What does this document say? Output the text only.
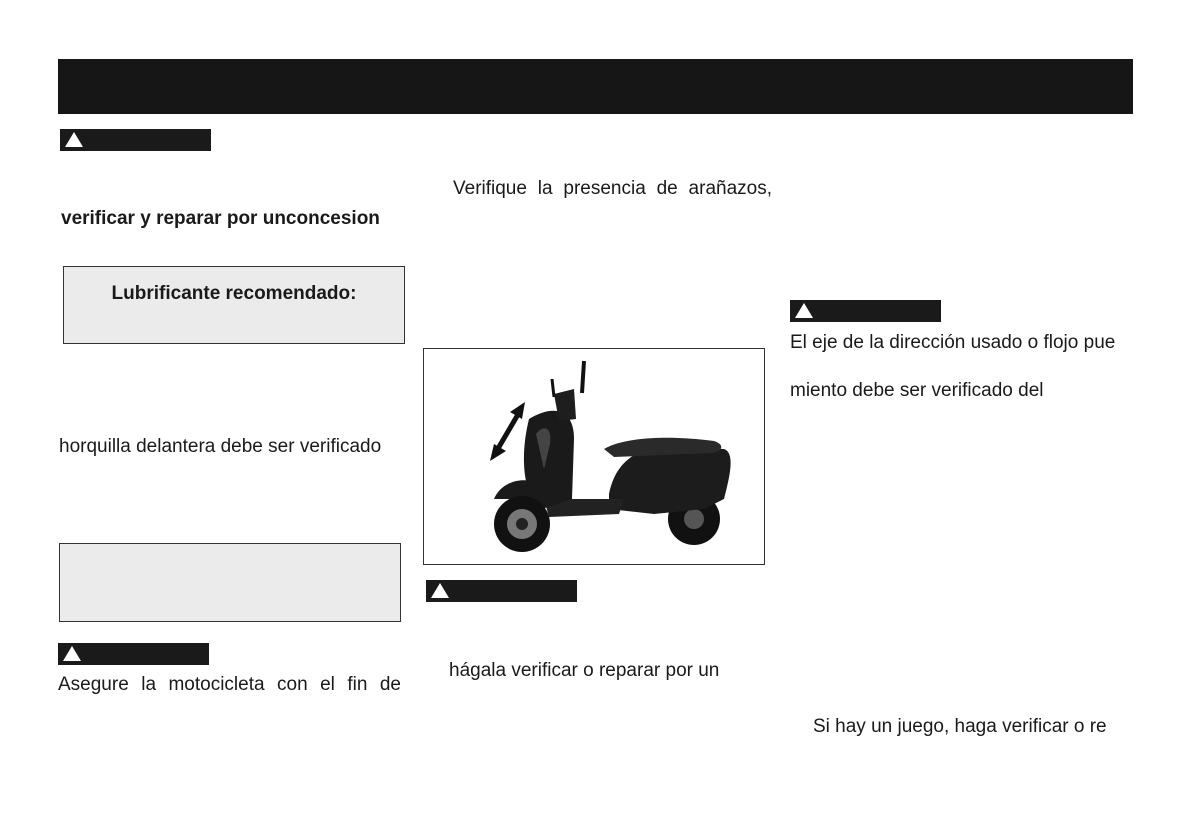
verificar y reparar por unconcesion
Lubrificante recomendado:
horquilla delantera debe ser verificado
Asegure la motocicleta con el fin de
Verifique la presencia de arañazos,
hágala verificar o reparar por un
El eje de la dirección usado o flojo pue
miento debe ser verificado del
Si hay un juego, haga verificar o re
